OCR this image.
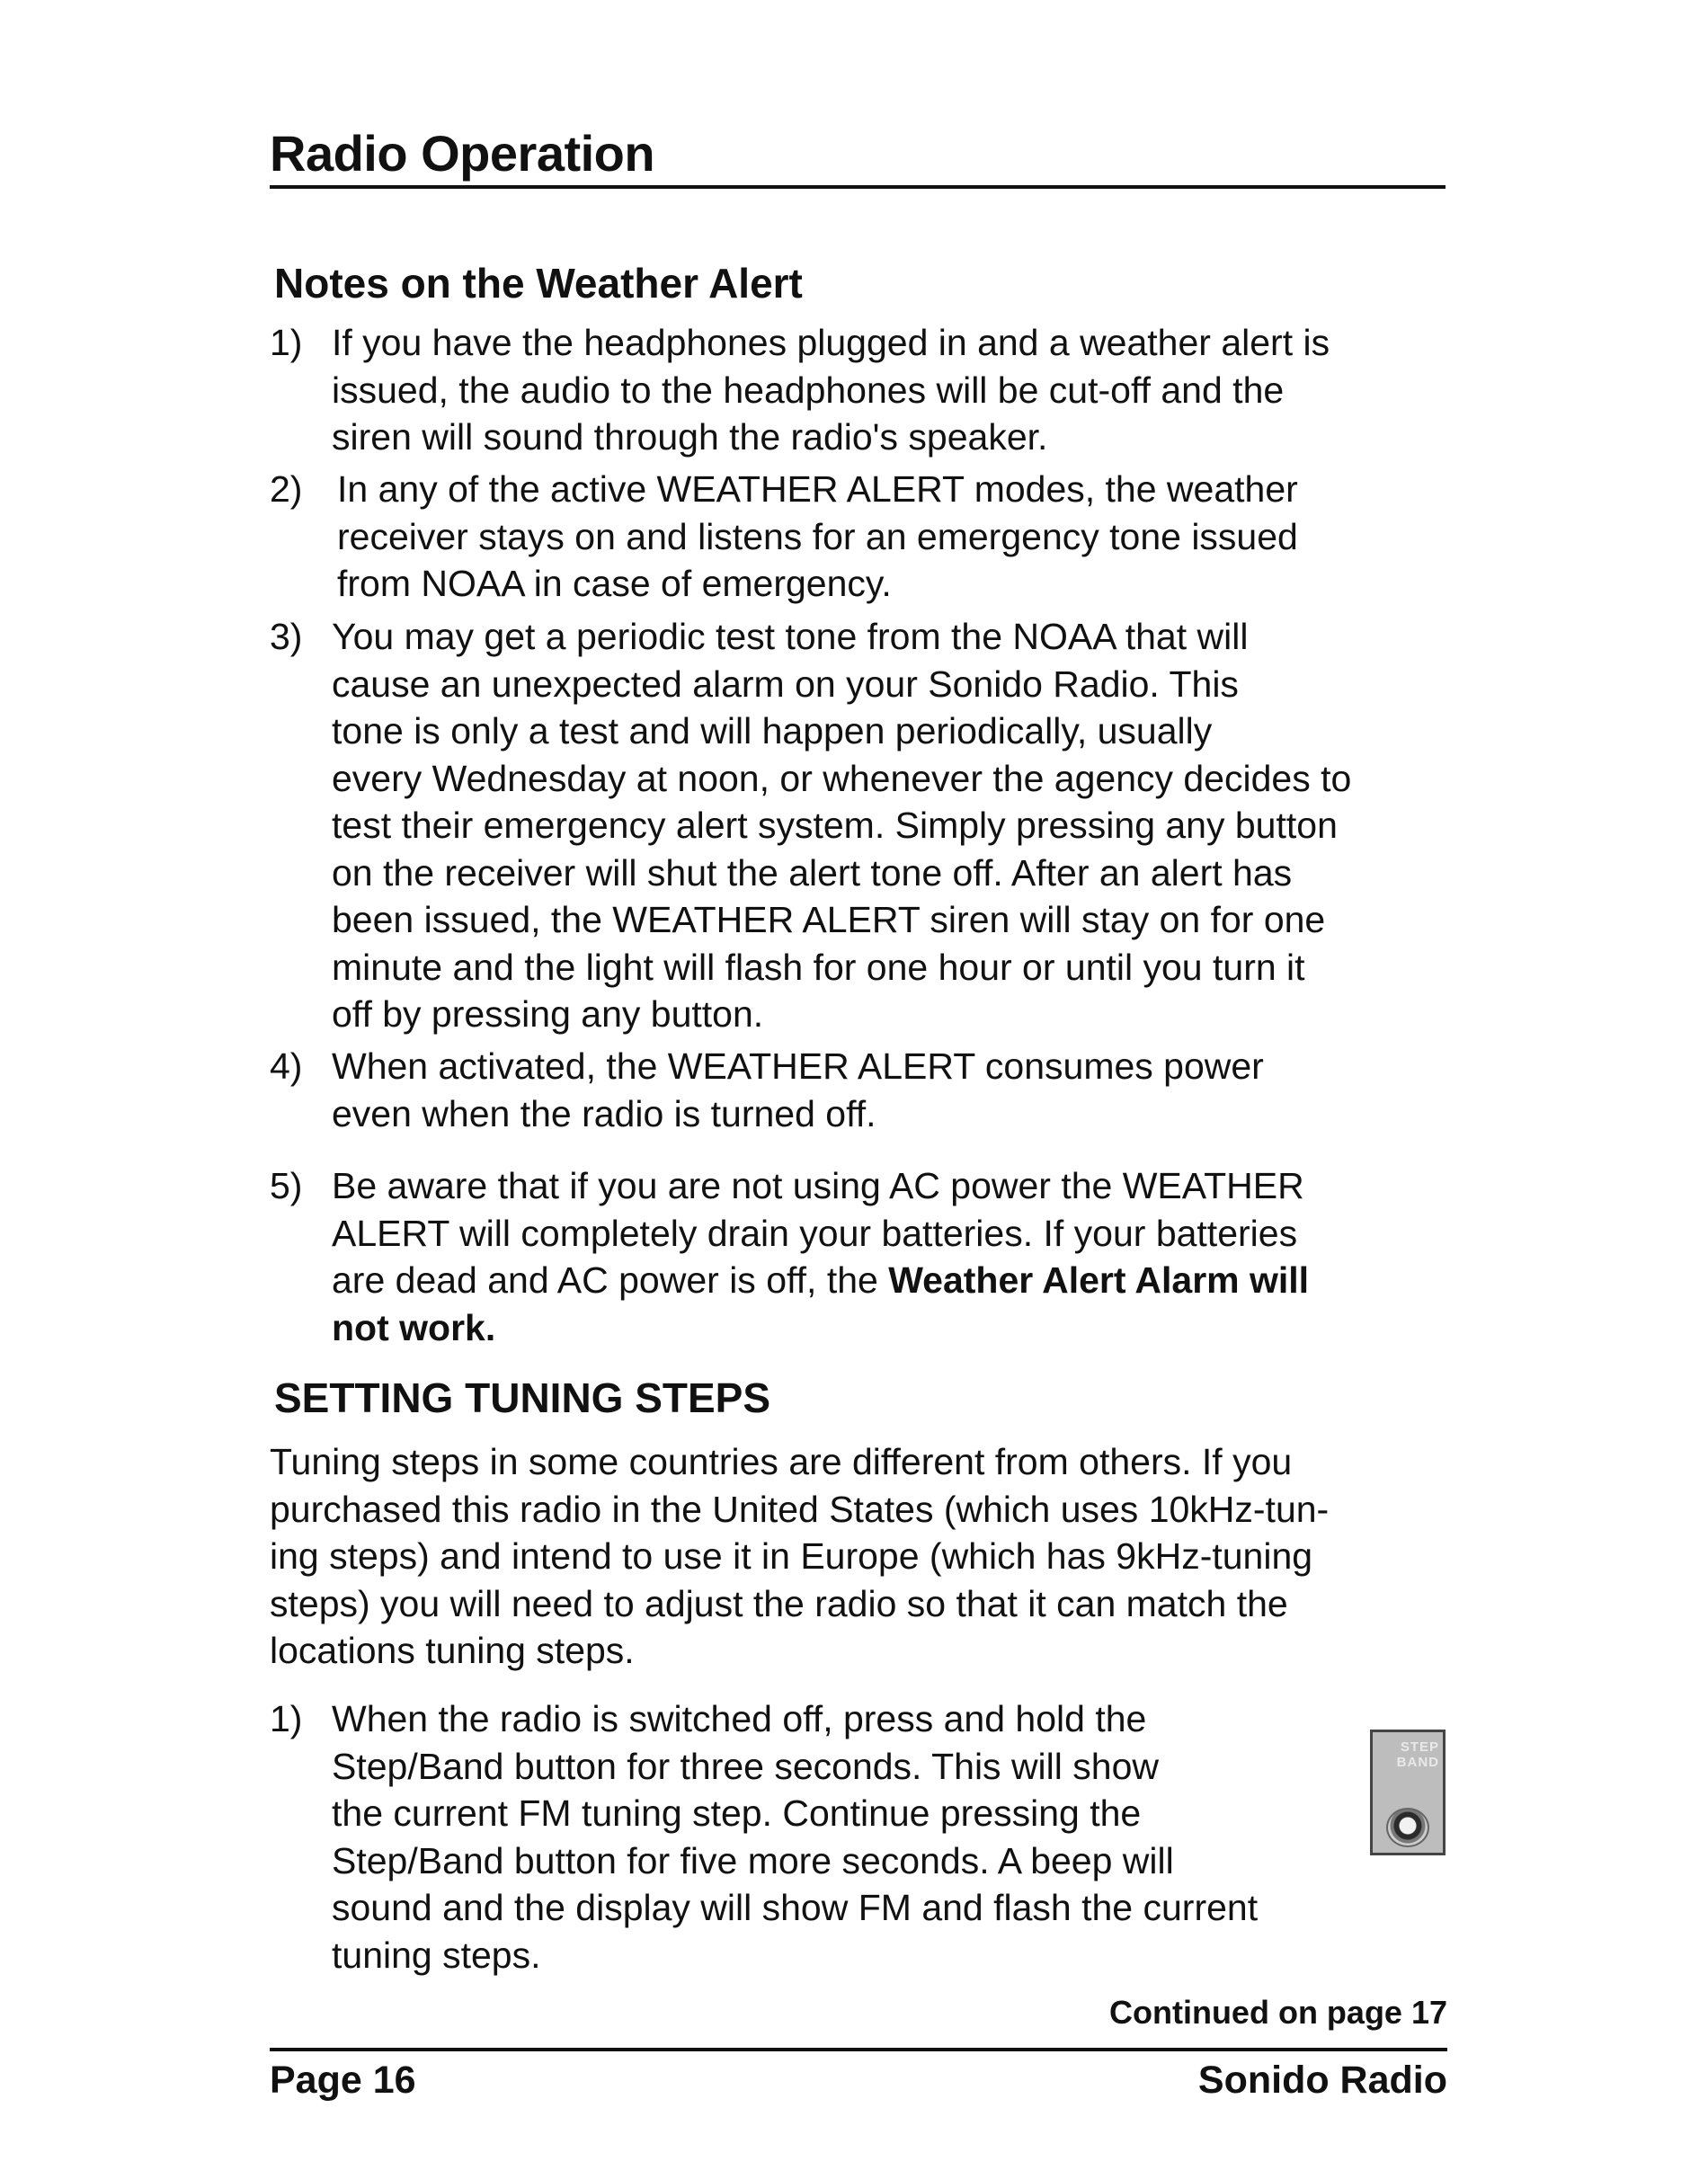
Radio Operation
Notes on the Weather Alert
1) If you have the headphones plugged in and a weather alert is
issued, the audio to the headphones will be cut-off and the
siren will sound through the radio's speaker.
2) In any of the active WEATHER ALERT modes, the weather
receiver stays on and listens for an emergency tone issued
from NOAA in case of emergency.
3) You may get a periodic test tone from the NOAA that will
cause an unexpected alarm on your Sonido Radio. This
tone is only a test and will happen periodically, usually
every Wednesday at noon, or whenever the agency decides to
test their emergency alert system. Simply pressing any button
on the receiver will shut the alert tone off. After an alert has
been issued, the WEATHER ALERT siren will stay on for one
minute and the light will flash for one hour or until you turn it
off by pressing any button.
4) When activated, the WEATHER ALERT consumes power
even when the radio is turned off.
5) Be aware that if you are not using AC power the WEATHER
ALERT will completely drain your batteries. If your batteries
are dead and AC power is off, the Weather Alert Alarm will
not work.
SETTING TUNING STEPS

Tuning steps in some countries are different from others. If you
purchased this radio in the United States (which uses 10kHz-tun-
ing steps) and intend to use it in Europe (which has 9kHz-tuning
steps) you will need to adjust the radio so that it can match the
locations tuning steps.

1) When the radio is switched off, press and hold the
Step/Band button for three seconds. This will show
the current FM tuning step. Continue pressing the
Step/Band button for five more seconds. A beep will
sound and the display will show FM and flash the current
tuning steps.
STEP
BAND
Continued on page 17
Page 16	Sonido Radio
